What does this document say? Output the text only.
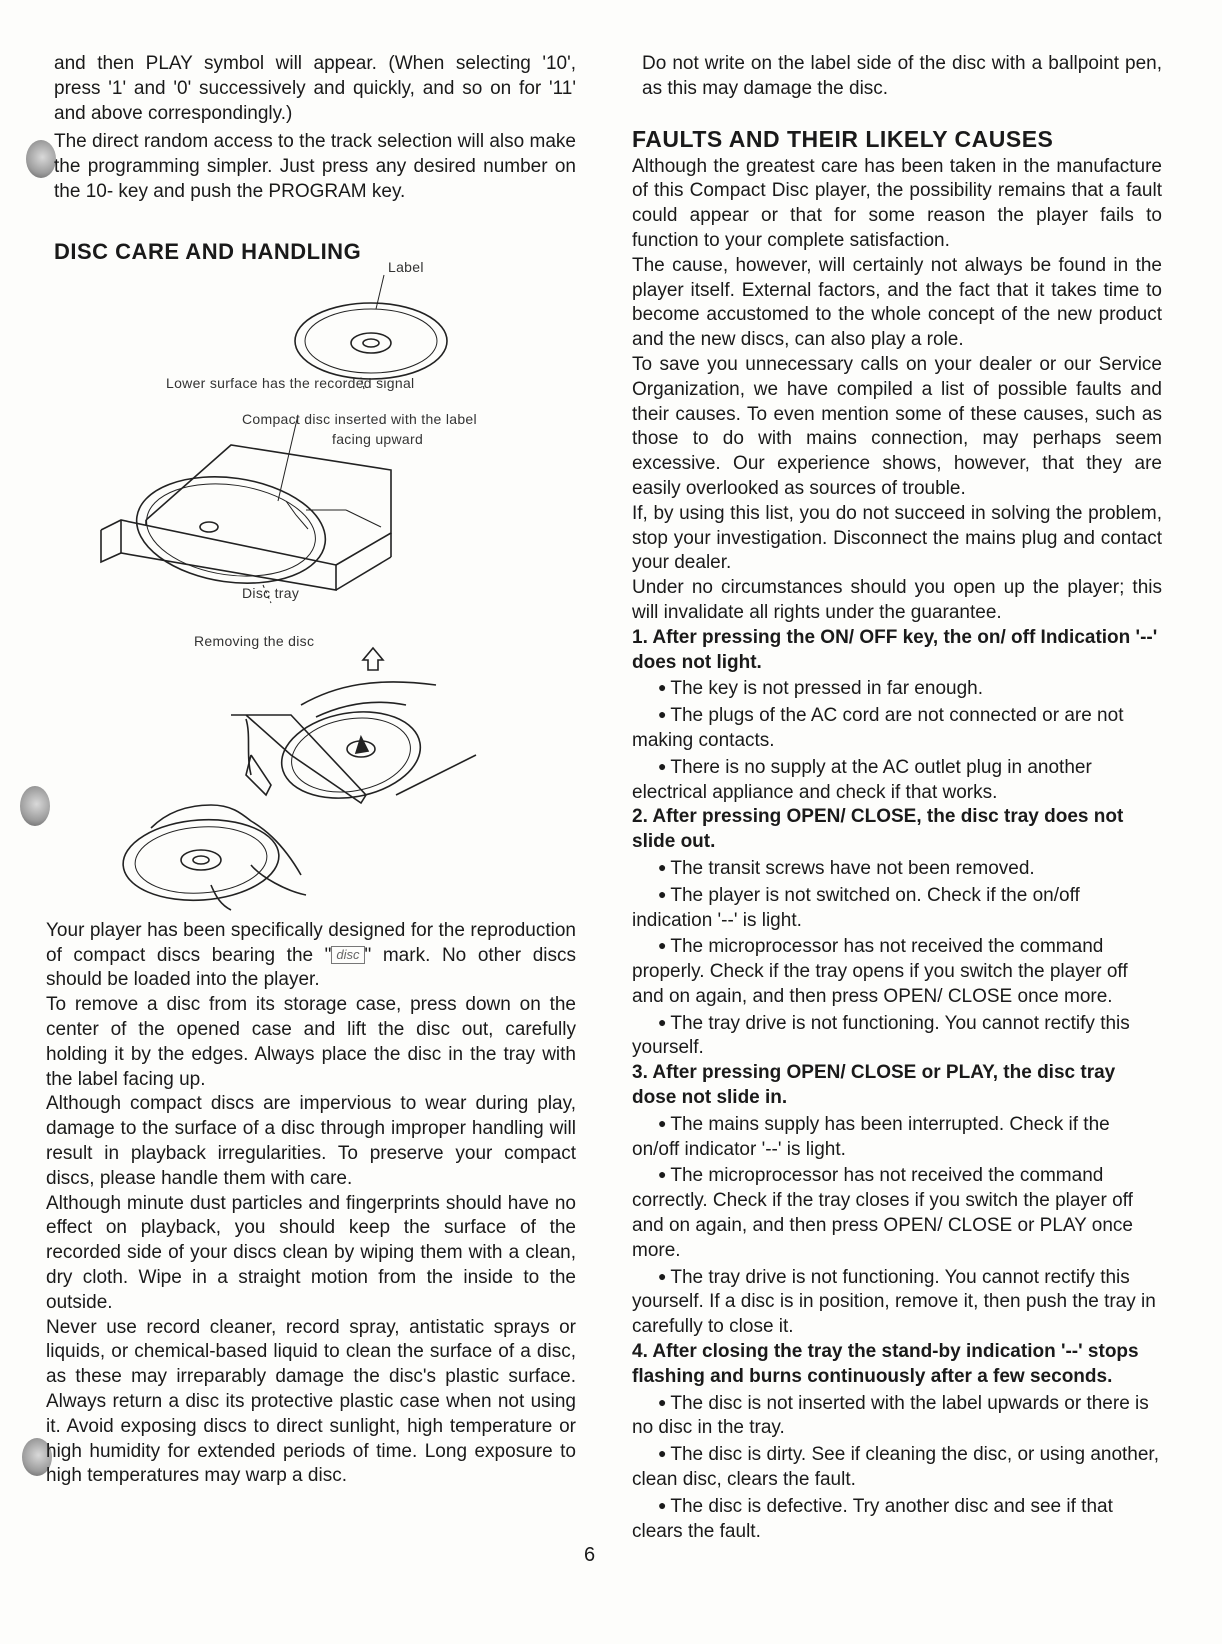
and then PLAY symbol will appear. (When selecting '10', press '1' and '0' successively and quickly, and so on for '11' and above correspondingly.)

The direct random access to the track selection will also make the programming simpler. Just press any desired number on the 10- key and push the PROGRAM key.

DISC CARE AND HANDLING
Label
Lower surface has the recorded signal
Compact disc inserted with the label
facing upward
Disc tray
Removing the disc

Your player has been specifically designed for the reproduction of compact discs bearing the " disc " mark. No other discs should be loaded into the player.

To remove a disc from its storage case, press down on the center of the opened case and lift the disc out, carefully holding it by the edges. Always place the disc in the tray with the label facing up.

Although compact discs are impervious to wear during play, damage to the surface of a disc through improper handling will result in playback irregularities. To preserve your compact discs, please handle them with care.

Although minute dust particles and fingerprints should have no effect on playback, you should keep the surface of the recorded side of your discs clean by wiping them with a clean, dry cloth. Wipe in a straight motion from the inside to the outside.

Never use record cleaner, record spray, antistatic sprays or liquids, or chemical-based liquid to clean the surface of a disc, as these may irreparably damage the disc's plastic surface. Always return a disc its protective plastic case when not using it. Avoid exposing discs to direct sunlight, high temperature or high humidity for extended periods of time. Long exposure to high temperatures may warp a disc.

Do not write on the label side of the disc with a ballpoint pen, as this may damage the disc.

FAULTS AND THEIR LIKELY CAUSES

Although the greatest care has been taken in the manufacture of this Compact Disc player, the possibility remains that a fault could appear or that for some reason the player fails to function to your complete satisfaction.

The cause, however, will certainly not always be found in the player itself. External factors, and the fact that it takes time to become accustomed to the whole concept of the new product and the new discs, can also play a role.

To save you unnecessary calls on your dealer or our Service Organization, we have compiled a list of possible faults and their causes. To even mention some of these causes, such as those to do with mains connection, may perhaps seem excessive. Our experience shows, however, that they are easily overlooked as sources of trouble.

If, by using this list, you do not succeed in solving the problem, stop your investigation. Disconnect the mains plug and contact your dealer.

Under no circumstances should you open up the player; this will invalidate all rights under the guarantee.

1. After pressing the ON/ OFF key, the on/ off Indication '--' does not light.

● The key is not pressed in far enough.

● The plugs of the AC cord are not connected or are not making contacts.

● There is no supply at the AC outlet plug in another electrical appliance and check if that works.

2. After pressing OPEN/ CLOSE, the disc tray does not slide out.

● The transit screws have not been removed.

● The player is not switched on. Check if the on/off indication '--' is light.

● The microprocessor has not received the command properly. Check if the tray opens if you switch the player off and on again, and then press OPEN/ CLOSE once more.

● The tray drive is not functioning. You cannot rectify this yourself.

3. After pressing OPEN/ CLOSE or PLAY, the disc tray dose not slide in.

● The mains supply has been interrupted. Check if the on/off indicator '--' is light.

● The microprocessor has not received the command correctly. Check if the tray closes if you switch the player off and on again, and then press OPEN/ CLOSE or PLAY once more.

● The tray drive is not functioning. You cannot rectify this yourself. If a disc is in position, remove it, then push the tray in carefully to close it.

4. After closing the tray the stand-by indication '--' stops flashing and burns continuously after a few seconds.

● The disc is not inserted with the label upwards or there is no disc in the tray.

● The disc is dirty. See if cleaning the disc, or using another, clean disc, clears the fault.

● The disc is defective. Try another disc and see if that clears the fault.

6
